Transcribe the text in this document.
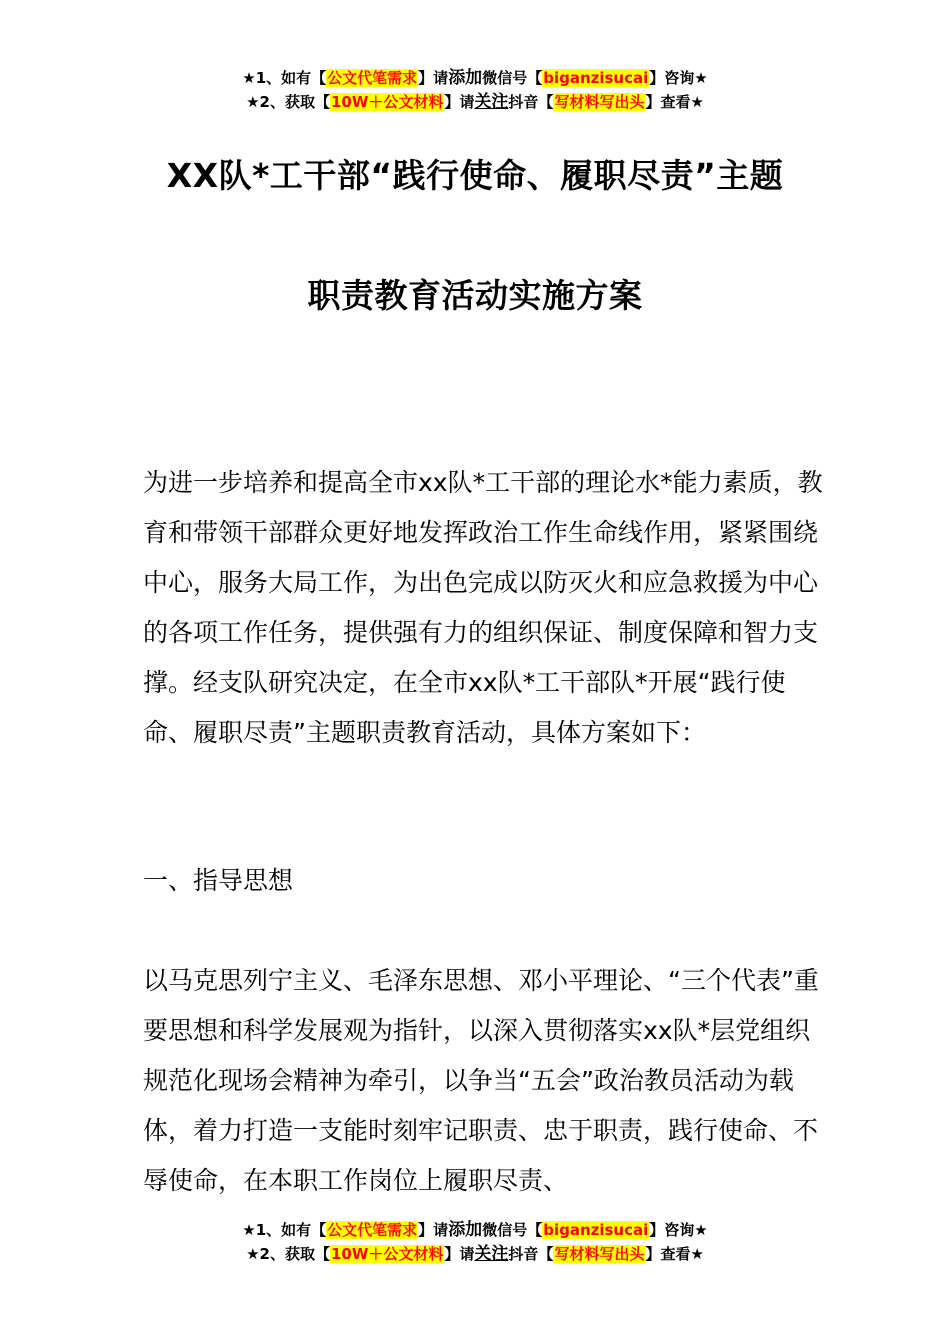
★1、如有【公文代笔需求】请添加微信号【biganzisucai】咨询★
★2、获取【10W＋公文材料】请关注抖音【写材料写出头】查看★
XX队*工干部“践行使命、履职尽责”主题
职责教育活动实施方案

为进一步培养和提高全市xx队*工干部的理论水*能力素质，教育和带领干部群众更好地发挥政治工作生命线作用，紧紧围绕中心，服务大局工作，为出色完成以防灭火和应急救援为中心的各项工作任务，提供强有力的组织保证、制度保障和智力支撑。经支队研究决定，在全市xx队*工干部队*开展“践行使命、履职尽责”主题职责教育活动，具体方案如下：

一、指导思想

以马克思列宁主义、毛泽东思想、邓小平理论、“三个代表”重要思想和科学发展观为指针，以深入贯彻落实xx队*层党组织规范化现场会精神为牵引，以争当“五会”政治教员活动为载体，着力打造一支能时刻牢记职责、忠于职责，践行使命、不辱使命，在本职工作岗位上履职尽责、

★1、如有【公文代笔需求】请添加微信号【biganzisucai】咨询★
★2、获取【10W＋公文材料】请关注抖音【写材料写出头】查看★
